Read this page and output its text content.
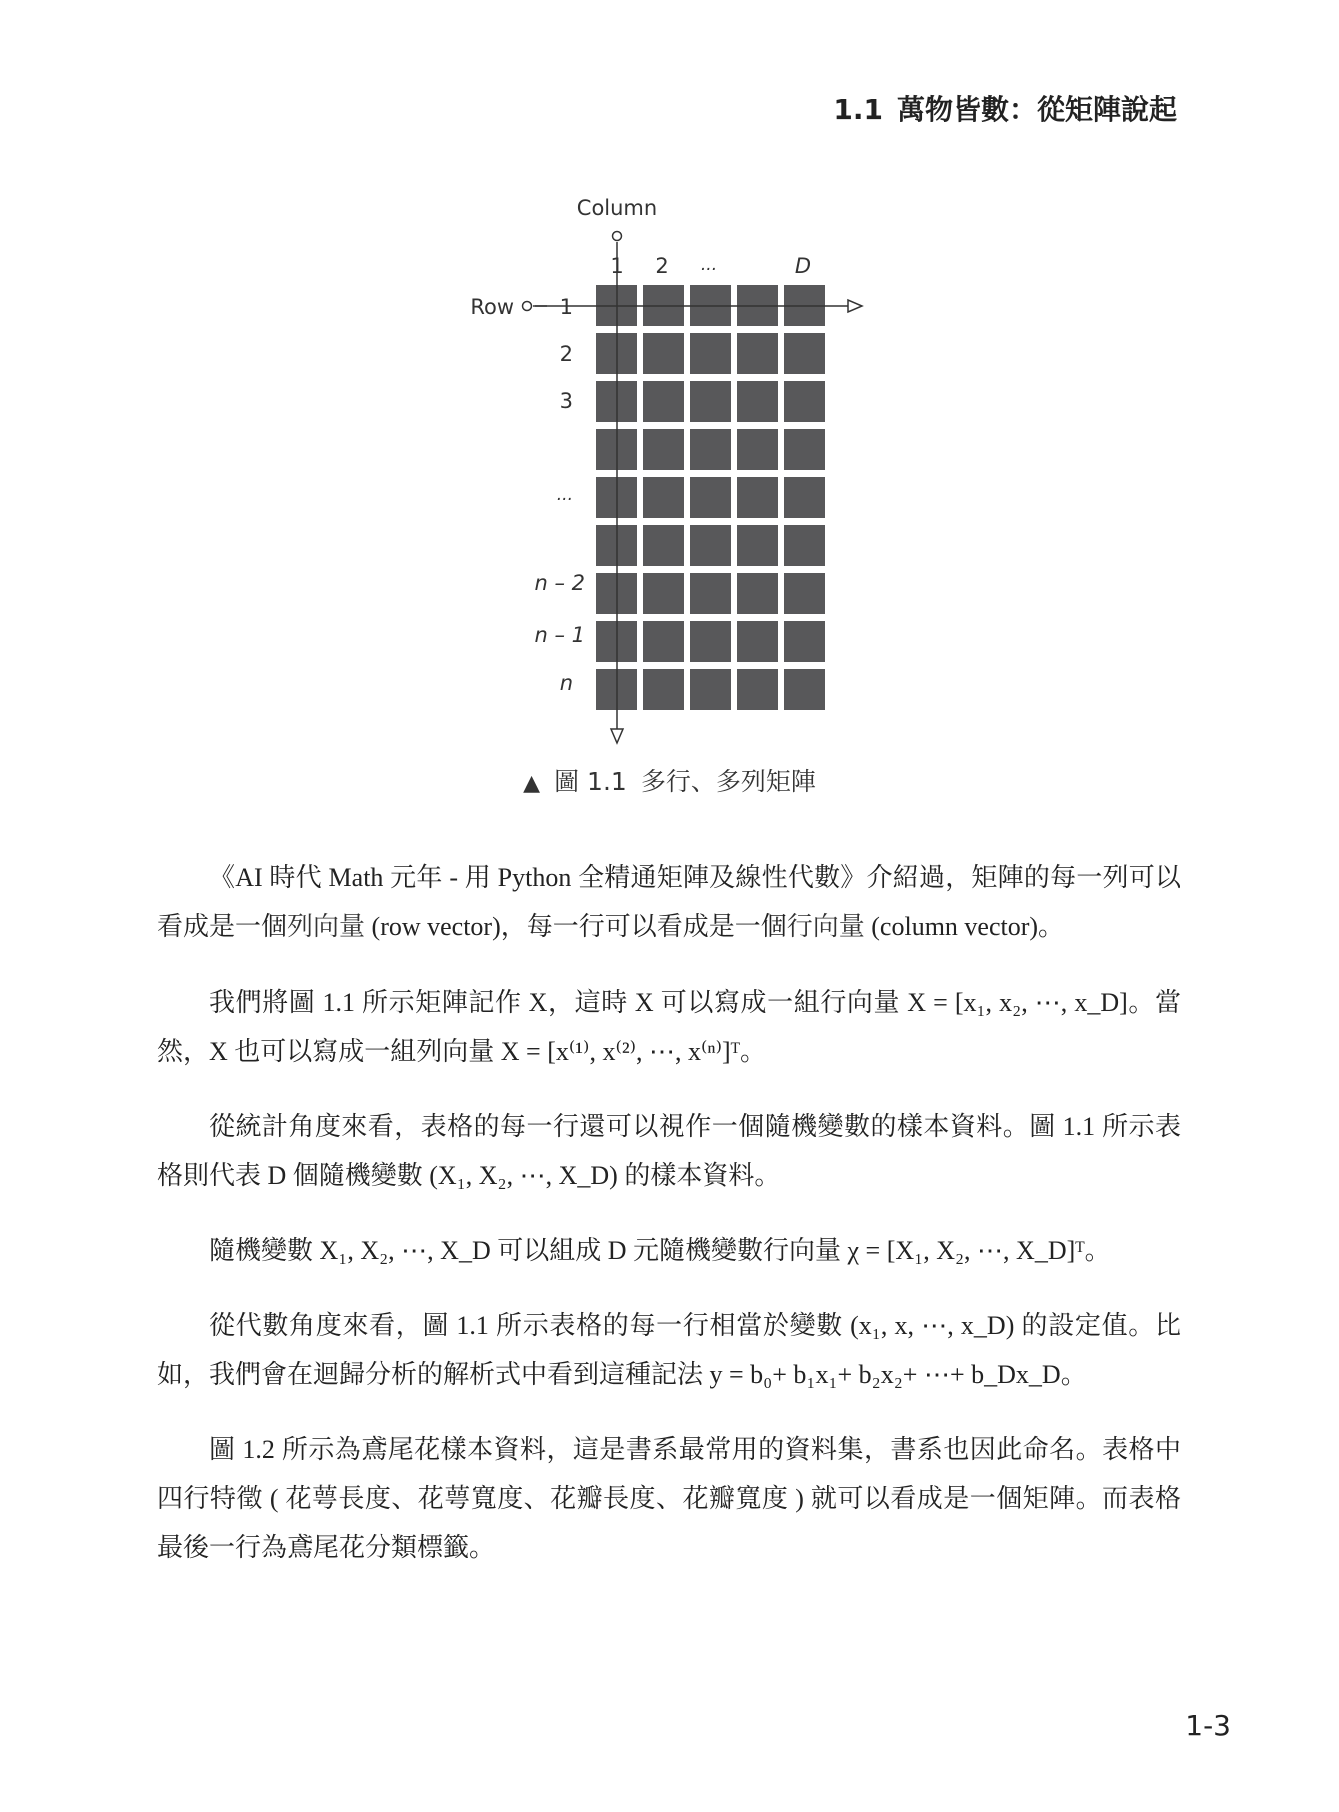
1.1 萬物皆數：從矩陣說起
Column
Row
1 2 ...	D
1
2
3
...
n – 2
n – 1
n
▲ 圖 1.1 多行、多列矩陣

《AI 時代 Math 元年 - 用 Python 全精通矩陣及線性代數》介紹過，矩陣的每一列可以看成是一個列向量 (row vector)，每一行可以看成是一個行向量 (column vector)。

我們將圖 1.1 所示矩陣記作 X，這時 X 可以寫成一組行向量 X = [x₁, x₂, ⋯, x_D]。當然，X 也可以寫成一組列向量 X = [x⁽¹⁾, x⁽²⁾, ⋯, x⁽ⁿ⁾]ᵀ。

從統計角度來看，表格的每一行還可以視作一個隨機變數的樣本資料。圖 1.1 所示表格則代表 D 個隨機變數 (X₁, X₂, ⋯, X_D) 的樣本資料。

隨機變數 X₁, X₂, ⋯, X_D 可以組成 D 元隨機變數行向量 χ = [X₁, X₂, ⋯, X_D]ᵀ。

從代數角度來看，圖 1.1 所示表格的每一行相當於變數 (x₁, x, ⋯, x_D) 的設定值。比如，我們會在迴歸分析的解析式中看到這種記法 y = b₀+ b₁x₁+ b₂x₂+ ⋯+ b_Dx_D。

圖 1.2 所示為鳶尾花樣本資料，這是書系最常用的資料集，書系也因此命名。表格中四行特徵 ( 花萼長度、花萼寬度、花瓣長度、花瓣寬度 ) 就可以看成是一個矩陣。而表格最後一行為鳶尾花分類標籤。

1-3
